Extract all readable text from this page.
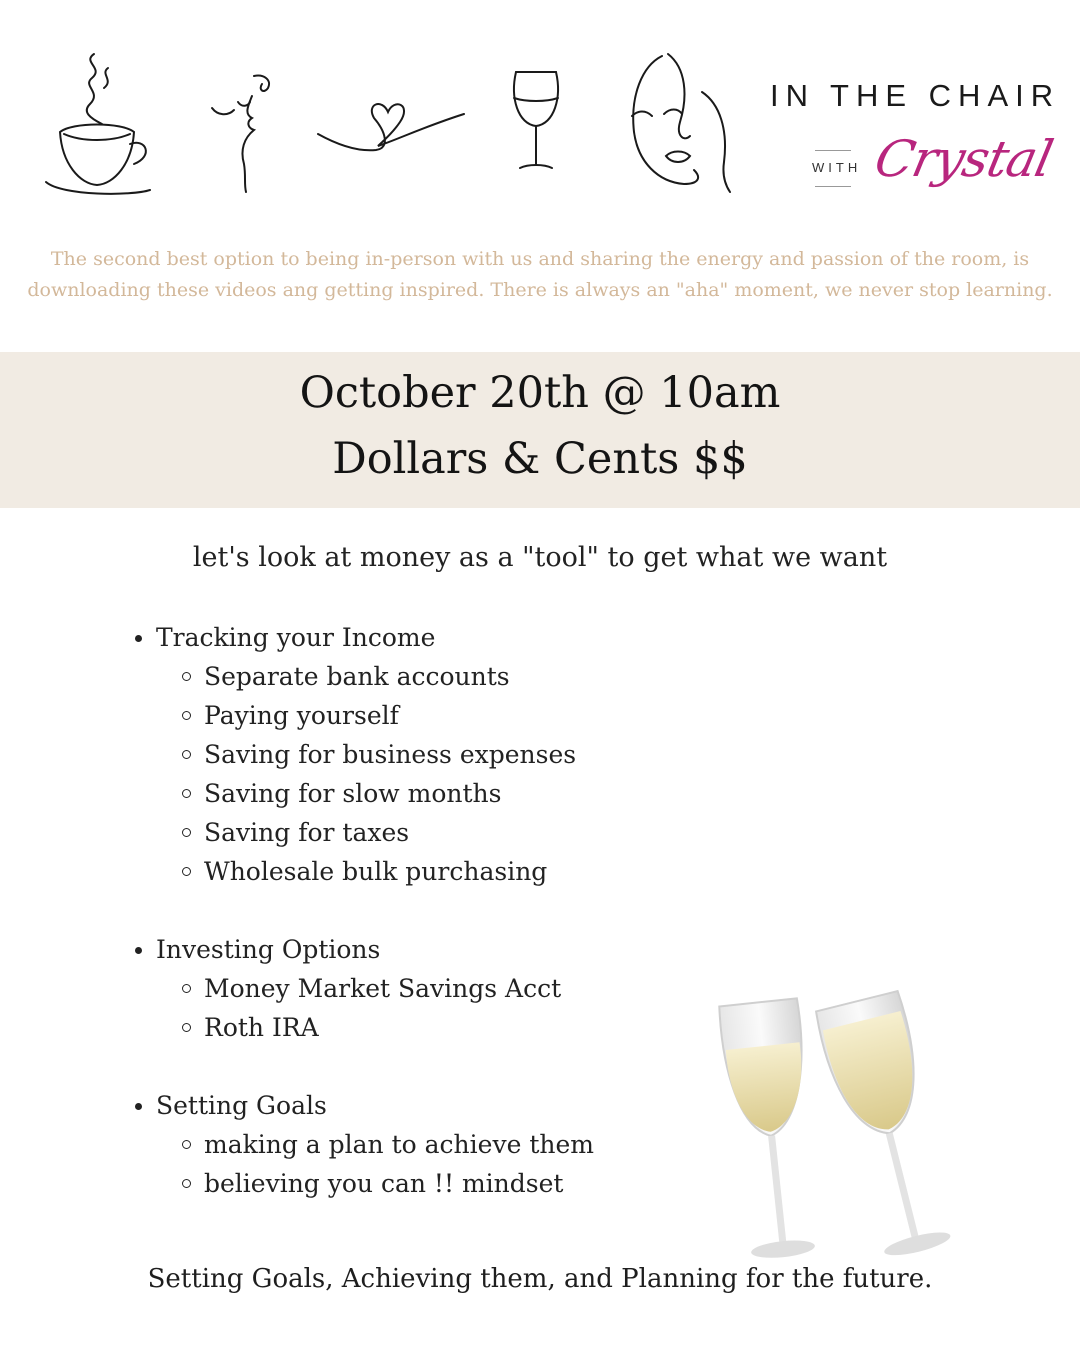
IN THE CHAIR
WITH Crystal
The second best option to being in-person with us and sharing the energy and passion of the room, is
downloading these videos ang getting inspired. There is always an "aha" moment, we never stop learning.
October 20th @ 10am
Dollars & Cents $$
let's look at money as a "tool" to get what we want
Tracking your Income
Separate bank accounts
Paying yourself
Saving for business expenses
Saving for slow months
Saving for taxes
Wholesale bulk purchasing
Investing Options
Money Market Savings Acct
Roth IRA
Setting Goals
making a plan to achieve them
believing you can !! mindset
Setting Goals, Achieving them, and Planning for the future.
